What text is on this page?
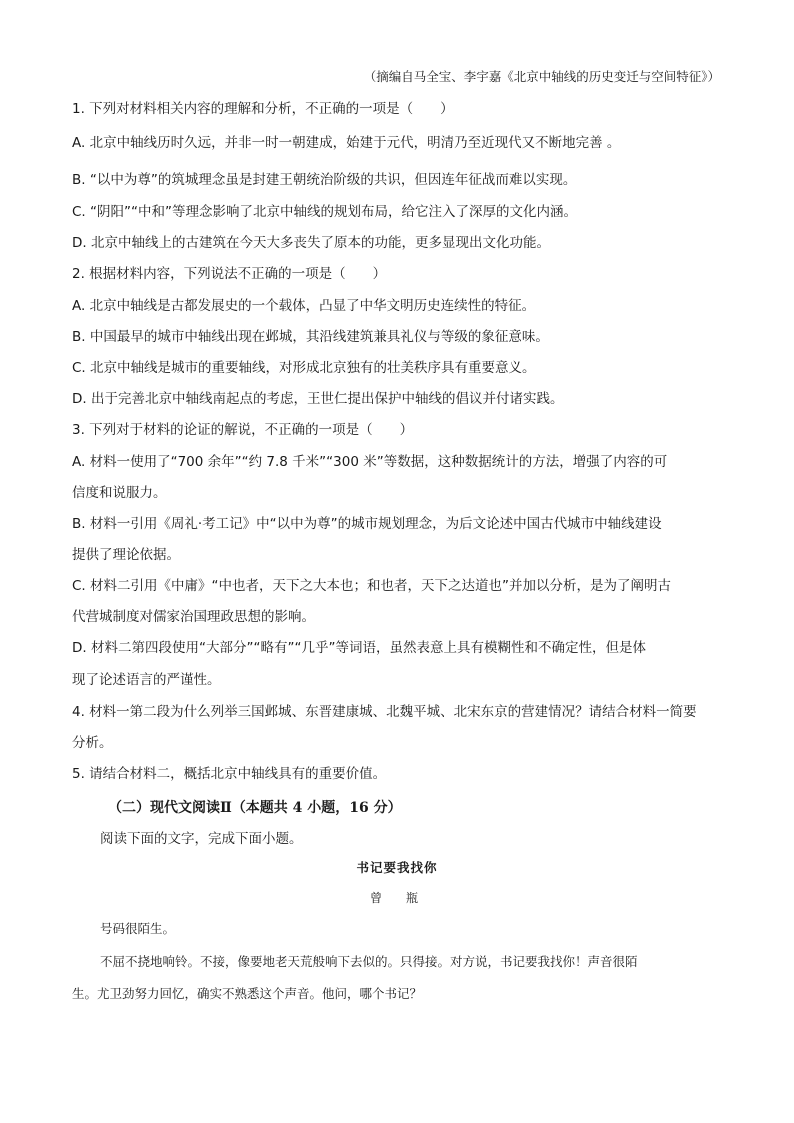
（摘编自马全宝、李宇嘉《北京中轴线的历史变迁与空间特征》）
1. 下列对材料相关内容的理解和分析，不正确的一项是（　　）
A. 北京中轴线历时久远，并非一时一朝建成，始建于元代，明清乃至近现代又不断地完善 。
B. “以中为尊”的筑城理念虽是封建王朝统治阶级的共识，但因连年征战而难以实现。
C. “阴阳”“中和”等理念影响了北京中轴线的规划布局，给它注入了深厚的文化内涵。
D. 北京中轴线上的古建筑在今天大多丧失了原本的功能，更多显现出文化功能。
2. 根据材料内容，下列说法不正确的一项是（　　）
A. 北京中轴线是古都发展史的一个载体，凸显了中华文明历史连续性的特征。
B. 中国最早的城市中轴线出现在邺城，其沿线建筑兼具礼仪与等级的象征意味。
C. 北京中轴线是城市的重要轴线，对形成北京独有的壮美秩序具有重要意义。
D. 出于完善北京中轴线南起点的考虑，王世仁提出保护中轴线的倡议并付诸实践。
3. 下列对于材料的论证的解说，不正确的一项是（　　）
A. 材料一使用了“700 余年”“约 7.8 千米”“300 米”等数据，这种数据统计的方法，增强了内容的可
信度和说服力。
B. 材料一引用《周礼·考工记》中“以中为尊”的城市规划理念，为后文论述中国古代城市中轴线建设
提供了理论依据。
C. 材料二引用《中庸》“中也者，天下之大本也；和也者，天下之达道也”并加以分析，是为了阐明古
代营城制度对儒家治国理政思想的影响。
D. 材料二第四段使用“大部分”“略有”“几乎”等词语，虽然表意上具有模糊性和不确定性，但是体
现了论述语言的严谨性。
4. 材料一第二段为什么列举三国邺城、东晋建康城、北魏平城、北宋东京的营建情况？请结合材料一简要
分析。
5. 请结合材料二，概括北京中轴线具有的重要价值。
（二）现代文阅读Ⅱ（本题共 4 小题，16 分）
阅读下面的文字，完成下面小题。
书记要我找你
曾　瓶
号码很陌生。
不屈不挠地响铃。不接，像要地老天荒般响下去似的。只得接。对方说，书记要我找你！声音很陌
生。尤卫劲努力回忆，确实不熟悉这个声音。他问，哪个书记？
